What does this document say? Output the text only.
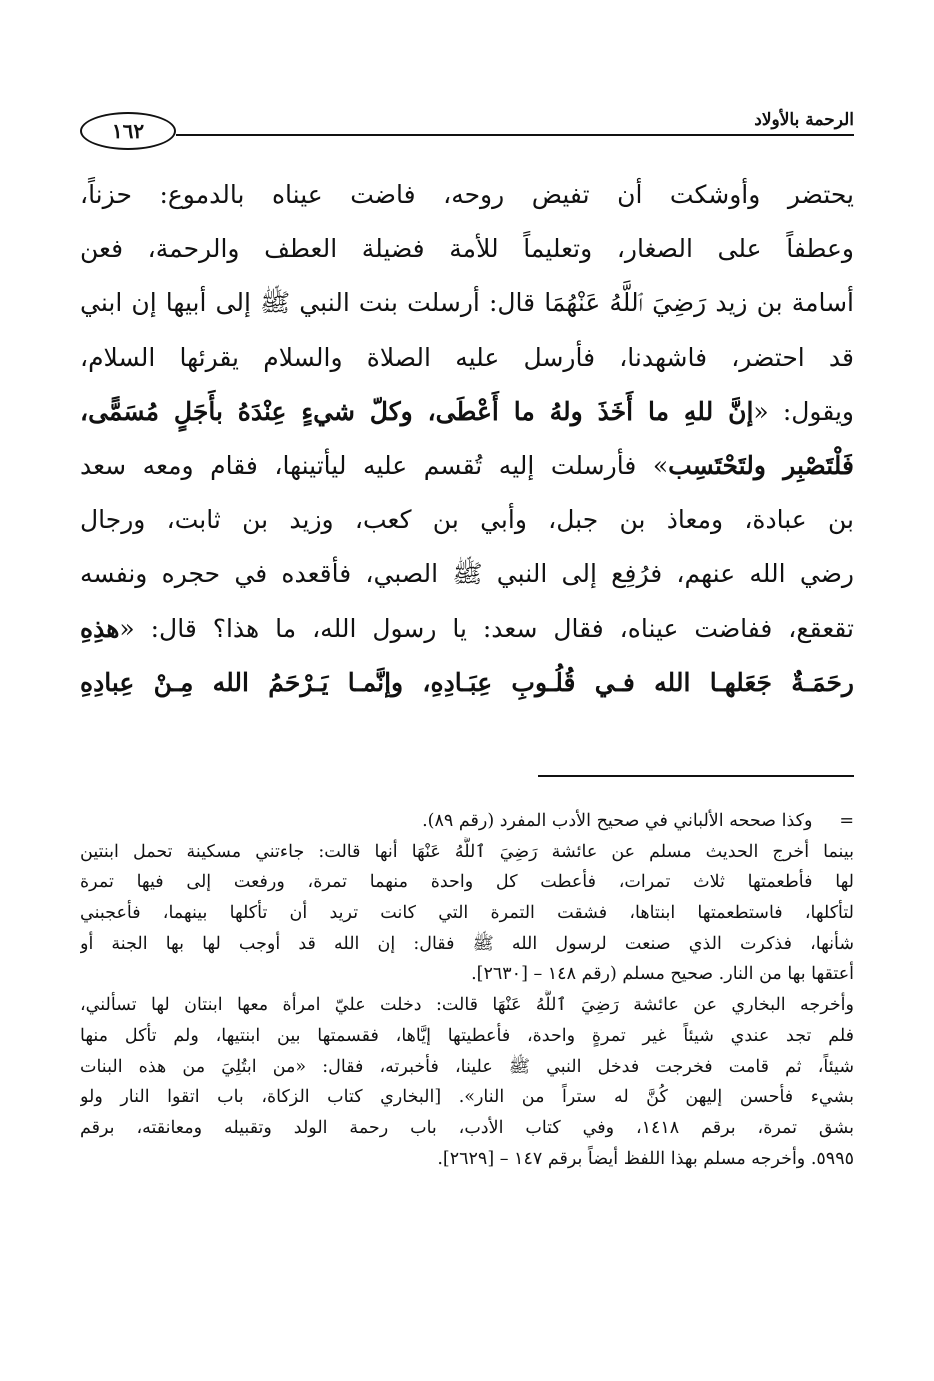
الرحمة بالأولاد
١٦٢
يحتضر وأوشكت أن تفيض روحه، فاضت عيناه بالدموع: حزناً،
وعطفاً على الصغار، وتعليماً للأمة فضيلة العطف والرحمة، فعن
أسامة بن زيد رَضِيَ ٱللَّهُ عَنْهُمَا قال: أرسلت بنت النبي ﷺ إلى أبيها إن ابني
قد احتضر، فاشهدنا، فأرسل عليه الصلاة والسلام يقرئها السلام،
ويقول: «إنَّ للهِ ما أَخَذَ ولهُ ما أَعْطَى، وكلّ شيءٍ عِنْدَهُ بأَجَلٍ مُسَمًّى،
فَلْتَصْبِر ولتَحْتَسِب» فأرسلت إليه تُقسم عليه ليأتينها، فقام ومعه سعد
بن عبادة، ومعاذ بن جبل، وأبي بن كعب، وزيد بن ثابت، ورجال
رضي الله عنهم، فرُفِع إلى النبي ﷺ الصبي، فأقعده في حجره ونفسه
تقعقع، ففاضت عيناه، فقال سعد: يا رسول الله، ما هذا؟ قال: «هذِهِ
رحَمَـةٌ جَعَلهـا الله فـي قُلُـوبِ عِبَـادِهِ، وإنَّمـا يَـرْحَمُ الله مِـنْ عِبادِهِ
= وكذا صححه الألباني في صحيح الأدب المفرد (رقم ٨٩).
بينما أخرج الحديث مسلم عن عائشة رَضِيَ ٱللَّهُ عَنْهَا أنها قالت: جاءتني مسكينة تحمل ابنتين
لها فأطعمتها ثلاث تمرات، فأعطت كل واحدة منهما تمرة، ورفعت إلى فيها تمرة
لتأكلها، فاستطعمتها ابنتاها، فشقت التمرة التي كانت تريد أن تأكلها بينهما، فأعجبني
شأنها، فذكرت الذي صنعت لرسول الله ﷺ فقال: إن الله قد أوجب لها بها الجنة أو
أعتقها بها من النار. صحيح مسلم (رقم ١٤٨ – [٢٦٣٠].
وأخرجه البخاري عن عائشة رَضِيَ ٱللَّهُ عَنْهَا قالت: دخلت عليّ امرأة معها ابنتان لها تسألني،
فلم تجد عندي شيئاً غير تمرةٍ واحدة، فأعطيتها إيَّاها، فقسمتها بين ابنتيها، ولم تأكل منها
شيئاً، ثم قامت فخرجت فدخل النبي ﷺ علينا، فأخبرته، فقال: «من ابتُلِيَ من هذه البنات
بشيء فأحسن إليهن كُنَّ له ستراً من النار». [البخاري كتاب الزكاة، باب اتقوا النار ولو
بشق تمرة، برقم ١٤١٨، وفي كتاب الأدب، باب رحمة الولد وتقبيله ومعانقته، برقم
٥٩٩٥. وأخرجه مسلم بهذا اللفظ أيضاً برقم ١٤٧ – [٢٦٢٩].
